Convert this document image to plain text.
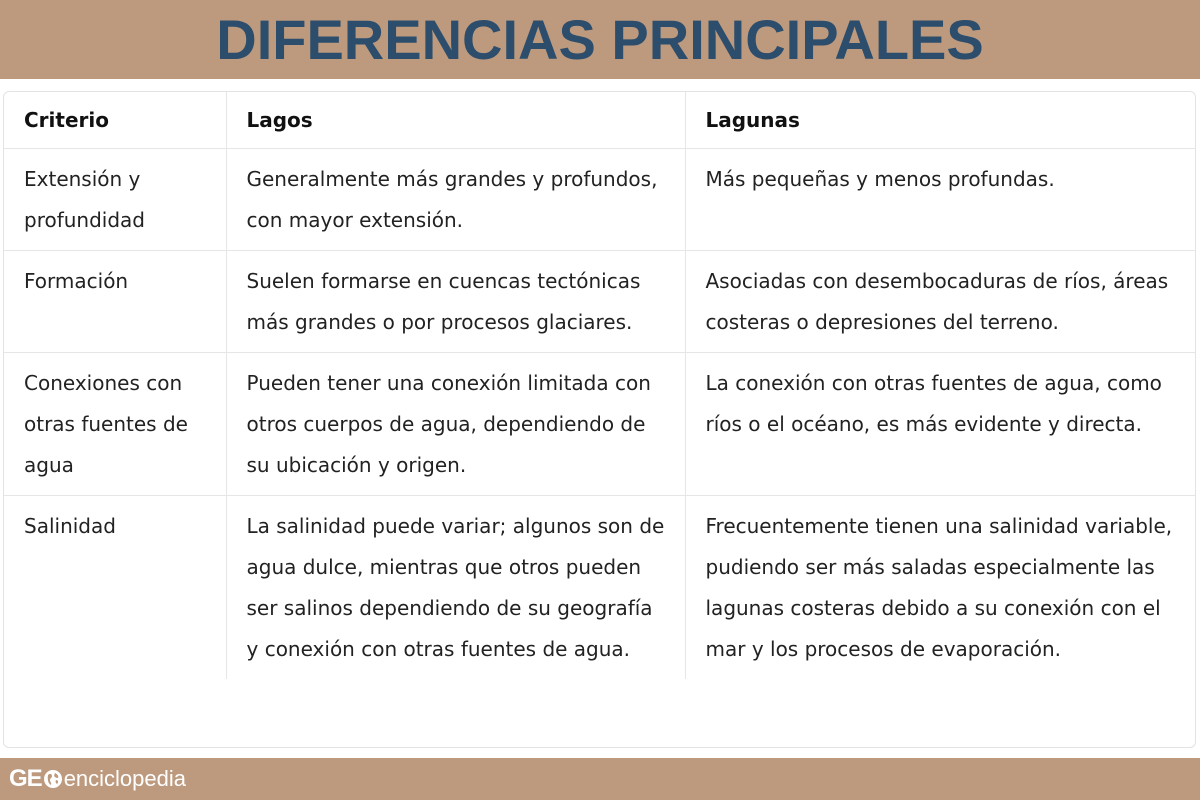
DIFERENCIAS PRINCIPALES
Criterio	Lagos	Lagunas
Extensión y profundidad	Generalmente más grandes y profundos, con mayor extensión.	Más pequeñas y menos profundas.
Formación	Suelen formarse en cuencas tectónicas más grandes o por procesos glaciares.	Asociadas con desembocaduras de ríos, áreas costeras o depresiones del terreno.
Conexiones con otras fuentes de agua	Pueden tener una conexión limitada con otros cuerpos de agua, dependiendo de su ubicación y origen.	La conexión con otras fuentes de agua, como ríos o el océano, es más evidente y directa.
Salinidad	La salinidad puede variar; algunos son de agua dulce, mientras que otros pueden ser salinos dependiendo de su geografía y conexión con otras fuentes de agua.	Frecuentemente tienen una salinidad variable, pudiendo ser más saladas especialmente las lagunas costeras debido a su conexión con el mar y los procesos de evaporación.
GE enciclopedia
